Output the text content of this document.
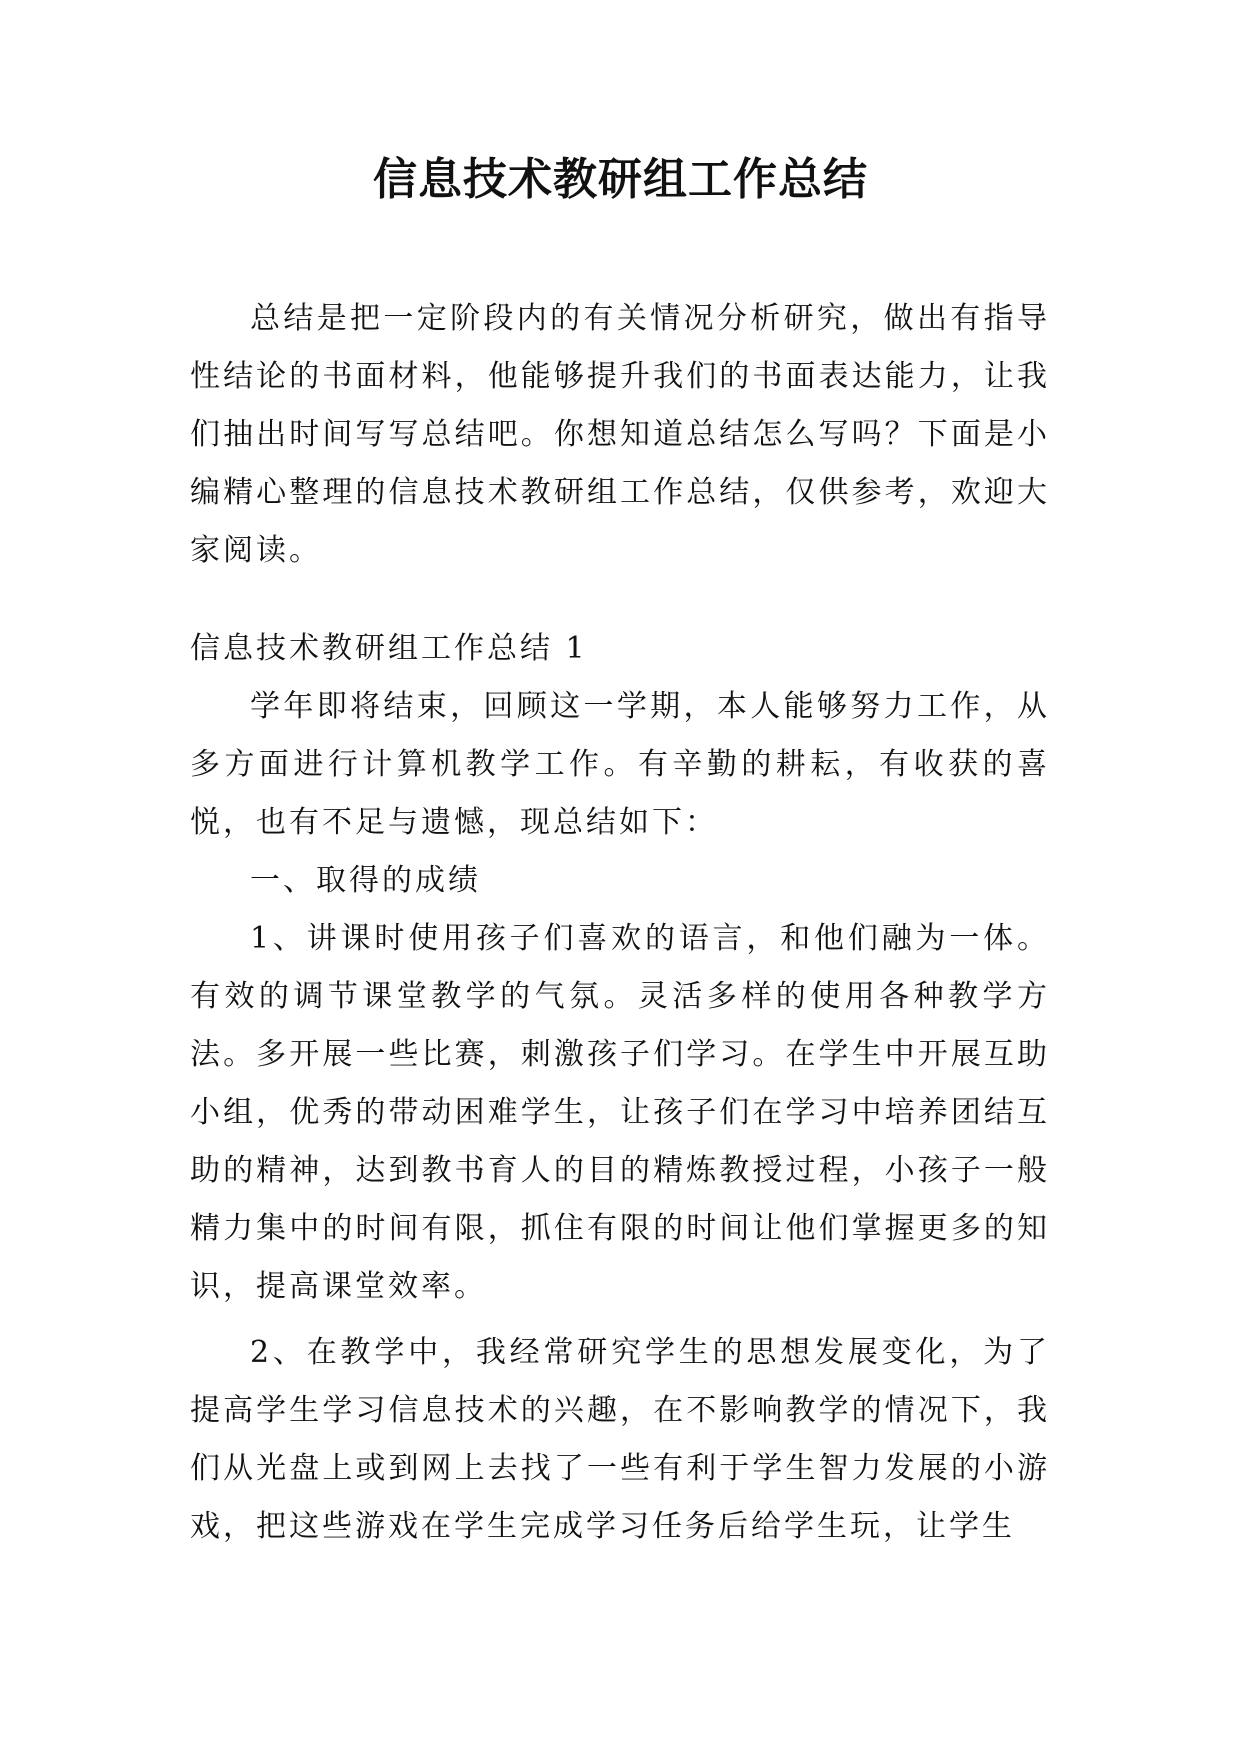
信息技术教研组工作总结

总结是把一定阶段内的有关情况分析研究，做出有指导性结论的书面材料，他能够提升我们的书面表达能力，让我们抽出时间写写总结吧。你想知道总结怎么写吗？下面是小编精心整理的信息技术教研组工作总结，仅供参考，欢迎大家阅读。

信息技术教研组工作总结 1

学年即将结束，回顾这一学期，本人能够努力工作，从多方面进行计算机教学工作。有辛勤的耕耘，有收获的喜悦，也有不足与遗憾，现总结如下：

一、取得的成绩

1、讲课时使用孩子们喜欢的语言，和他们融为一体。有效的调节课堂教学的气氛。灵活多样的使用各种教学方法。多开展一些比赛，刺激孩子们学习。在学生中开展互助小组，优秀的带动困难学生，让孩子们在学习中培养团结互助的精神，达到教书育人的目的精炼教授过程，小孩子一般精力集中的时间有限，抓住有限的时间让他们掌握更多的知识，提高课堂效率。

2、在教学中，我经常研究学生的思想发展变化，为了提高学生学习信息技术的兴趣，在不影响教学的情况下，我们从光盘上或到网上去找了一些有利于学生智力发展的小游戏，把这些游戏在学生完成学习任务后给学生玩，让学生
